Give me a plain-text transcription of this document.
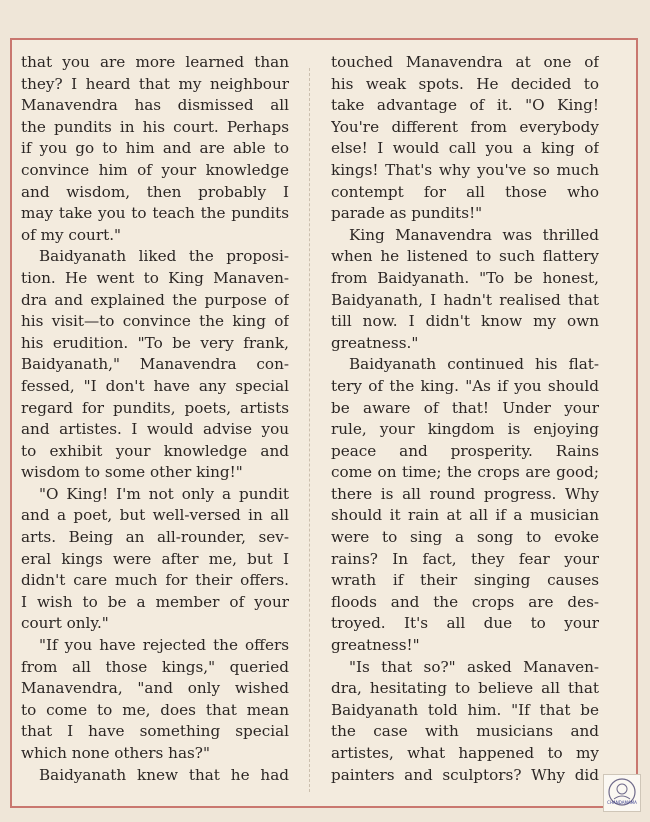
that you are more learned than
they? I heard that my neighbour
Manavendra has dismissed all
the pundits in his court. Perhaps
if you go to him and are able to
convince him of your knowledge
and wisdom, then probably I
may take you to teach the pundits
of my court."
Baidyanath liked the proposi-
tion. He went to King Manaven-
dra and explained the purpose of
his visit—to convince the king of
his erudition. "To be very frank,
Baidyanath," Manavendra con-
fessed, "I don't have any special
regard for pundits, poets, artists
and artistes. I would advise you
to exhibit your knowledge and
wisdom to some other king!"
"O King! I'm not only a pundit
and a poet, but well-versed in all
arts. Being an all-rounder, sev-
eral kings were after me, but I
didn't care much for their offers.
I wish to be a member of your
court only."
"If you have rejected the offers
from all those kings," queried
Manavendra, "and only wished
to come to me, does that mean
that I have something special
which none others has?"
Baidyanath knew that he had
touched Manavendra at one of
his weak spots. He decided to
take advantage of it. "O King!
You're different from everybody
else! I would call you a king of
kings! That's why you've so much
contempt for all those who
parade as pundits!"
King Manavendra was thrilled
when he listened to such flattery
from Baidyanath. "To be honest,
Baidyanath, I hadn't realised that
till now. I didn't know my own
greatness."
Baidyanath continued his flat-
tery of the king. "As if you should
be aware of that! Under your
rule, your kingdom is enjoying
peace and prosperity. Rains
come on time; the crops are good;
there is all round progress. Why
should it rain at all if a musician
were to sing a song to evoke
rains? In fact, they fear your
wrath if their singing causes
floods and the crops are des-
troyed. It's all due to your
greatness!"
"Is that so?" asked Manaven-
dra, hesitating to believe all that
Baidyanath told him. "If that be
the case with musicians and
artistes, what happened to my
painters and sculptors? Why did
CHANDAMAMA
